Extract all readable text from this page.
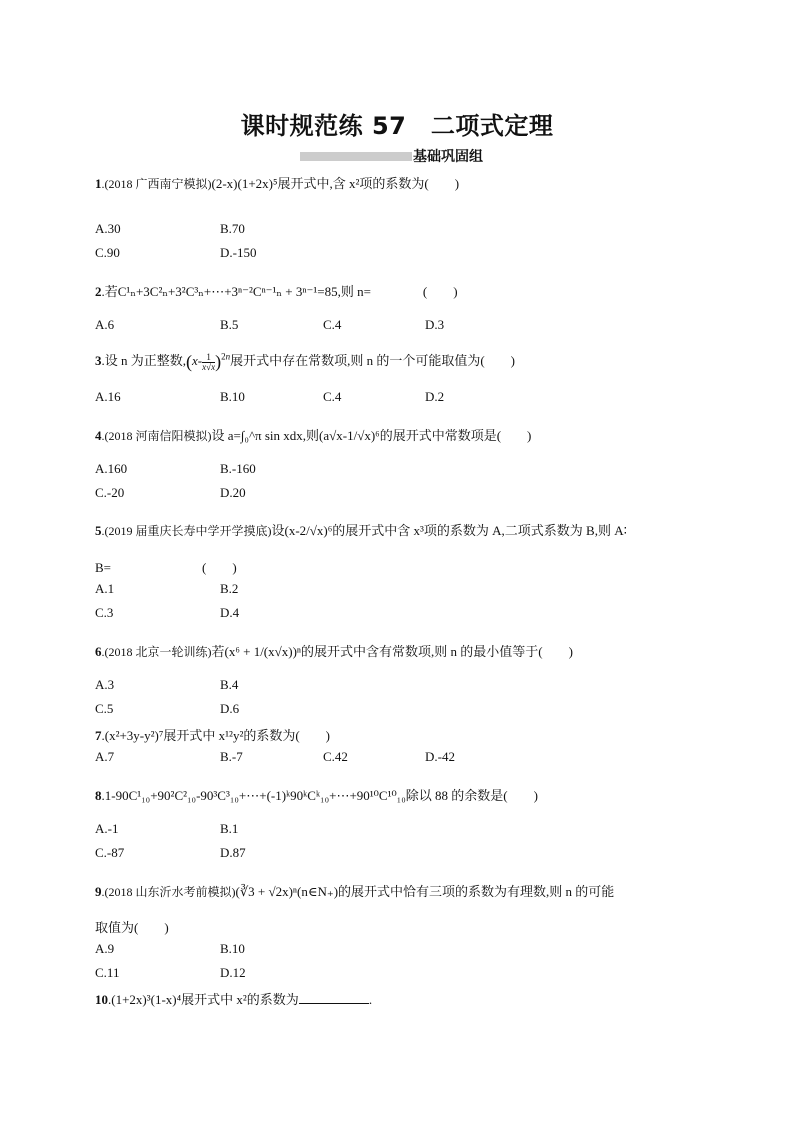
课时规范练 57　二项式定理
基础巩固组
1.(2018 广西南宁模拟)(2-x)(1+2x)⁵展开式中,含 x²项的系数为(　　)
A.30	B.70
C.90	D.-150
2.若C¹ₙ+3C²ₙ+3²C³ₙ+⋯+3ⁿ⁻²Cⁿ⁻¹ₙ + 3ⁿ⁻¹=85,则 n=　　　　(　　)
A.6	B.5	C.4	D.3
3.设 n 为正整数$,(x- \frac{1}{x√x} )^{2n}$展开式中存在常数项,则 n 的一个可能取值为(　　)
A.16	B.10	C.4	D.2
4.(2018 河南信阳模拟)设 a=∫₀^π sin xdx,则(a√x-1/√x)⁶的展开式中常数项是(　　)
A.160	B.-160
C.-20	D.20
5.(2019 届重庆长寿中学开学摸底)设(x-2/√x)⁶的展开式中含 x³项的系数为 A,二项式系数为 B,则 A∶
B=　　　　　　　(　　)
A.1	B.2
C.3	D.4
6.(2018 北京一轮训练)若(x⁶ + 1/(x√x))ⁿ的展开式中含有常数项,则 n 的最小值等于(　　)
A.3	B.4
C.5	D.6
7.(x²+3y-y²)⁷展开式中 x¹²y²的系数为(　　)
A.7	B.-7	C.42	D.-42
8.1-90C¹₁₀+90²C²₁₀-90³C³₁₀+⋯+(-1)ᵏ90ᵏCᵏ₁₀+⋯+90¹⁰C¹⁰₁₀除以 88 的余数是(　　)
A.-1	B.1
C.-87	D.87
9.(2018 山东沂水考前模拟)(∛3 + √2x)ⁿ(n∈N₊)的展开式中恰有三项的系数为有理数,则 n 的可能
取值为(　　)
A.9	B.10
C.11	D.12
10.(1+2x)³(1-x)⁴展开式中 x²的系数为	.
